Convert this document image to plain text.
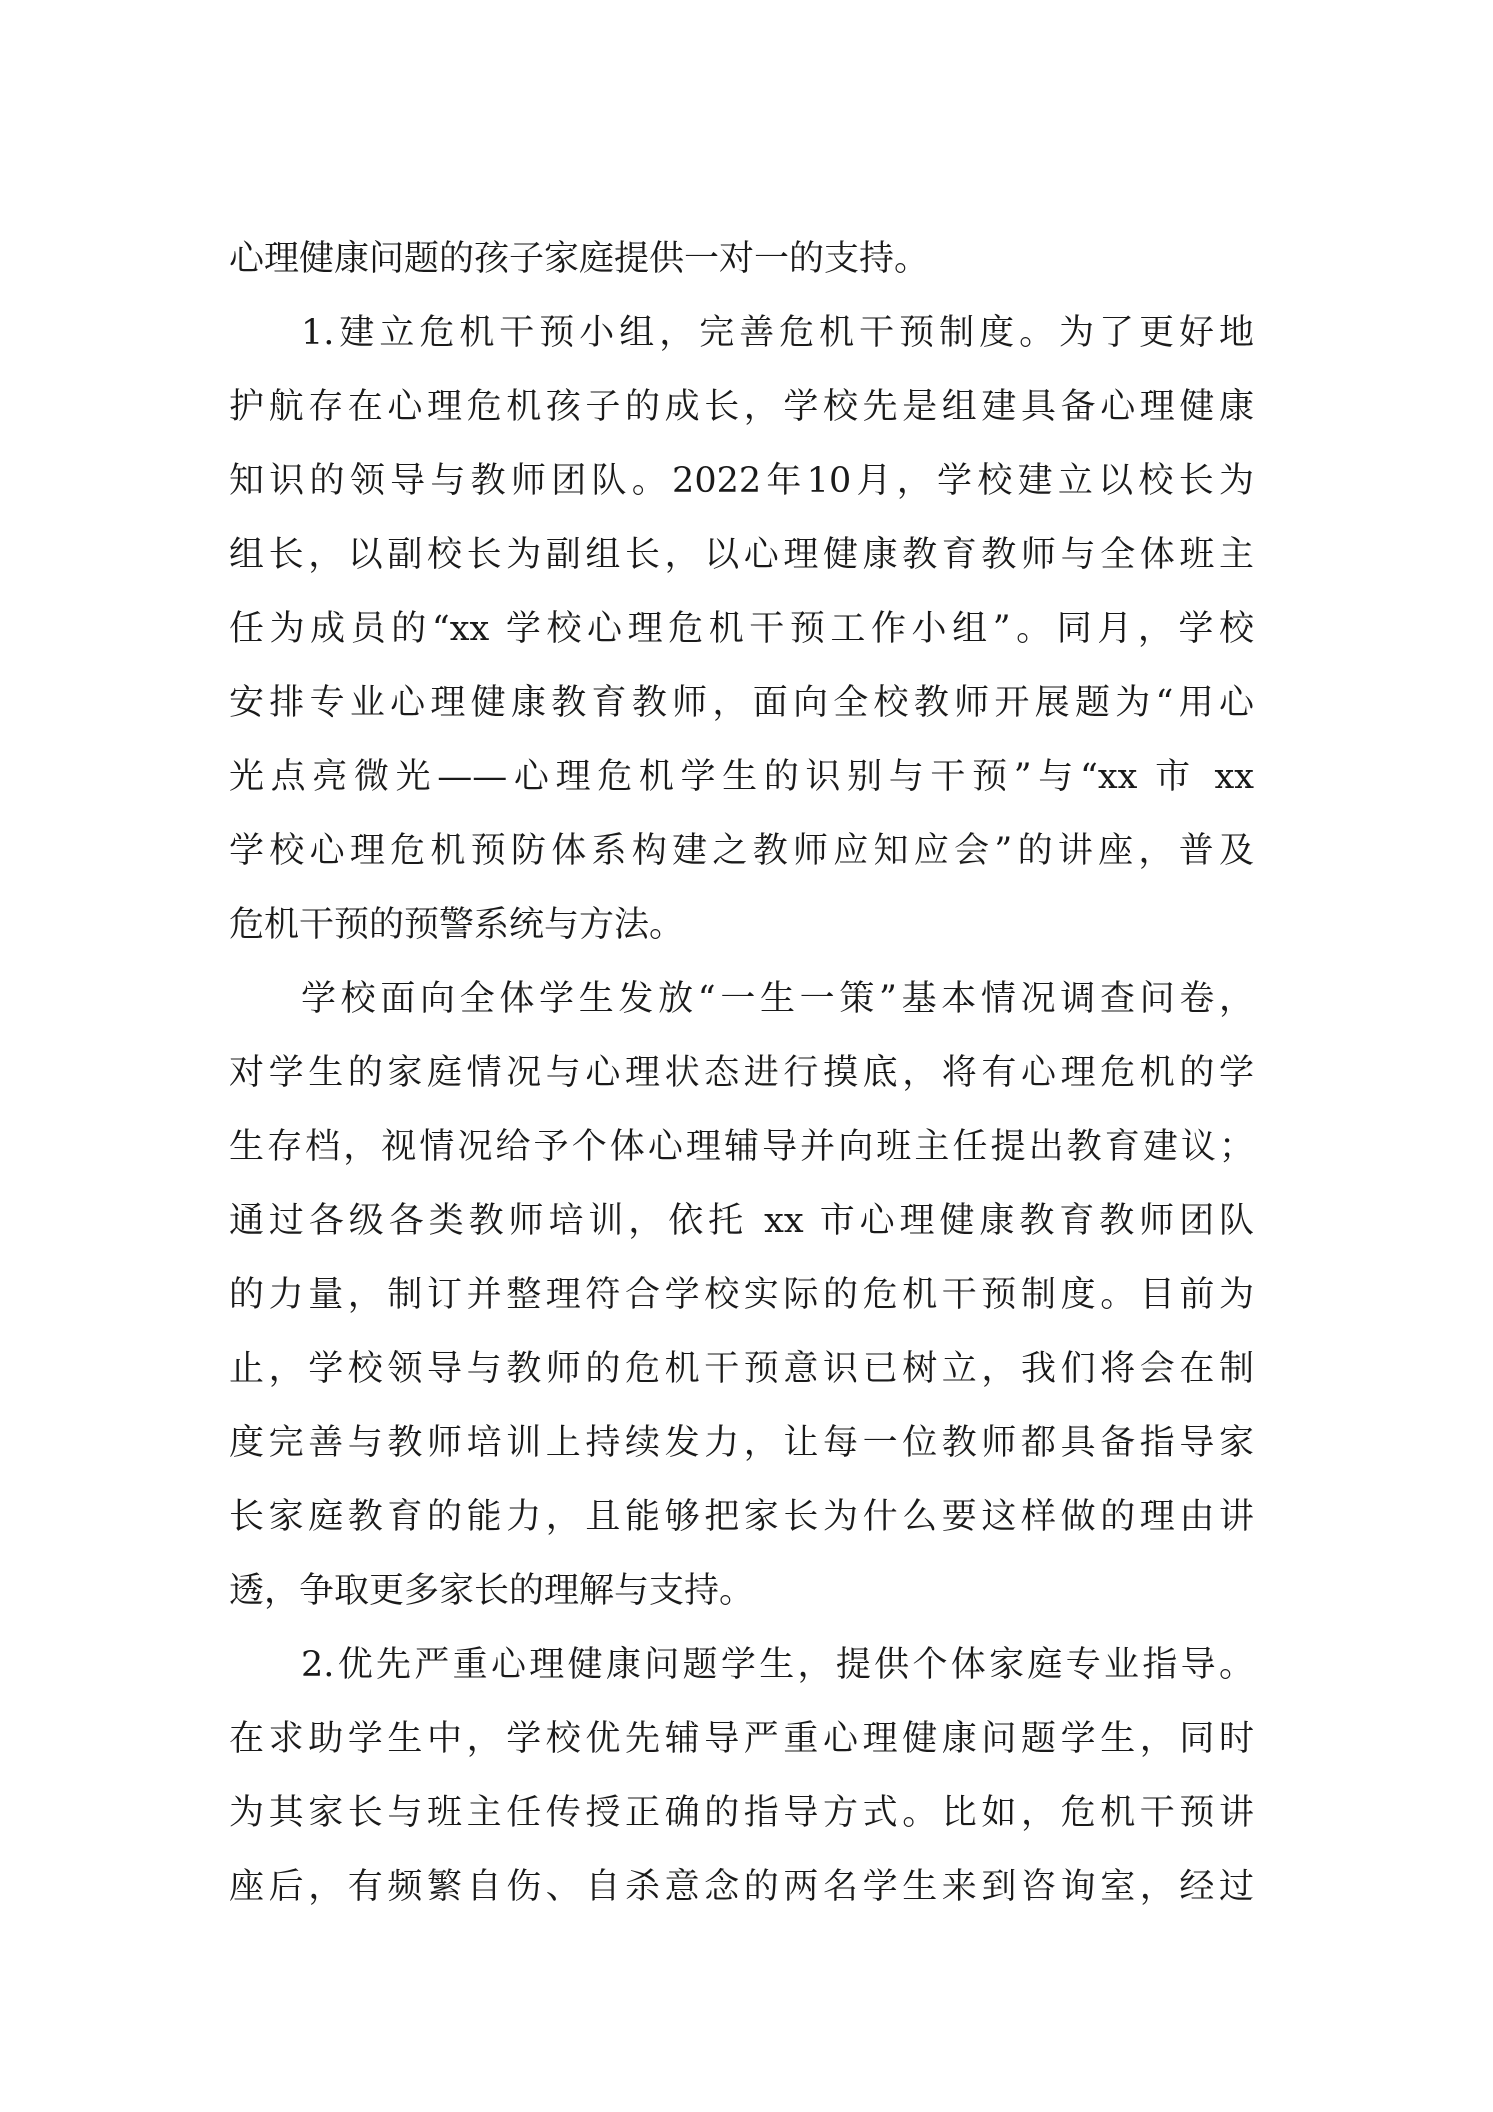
心理健康问题的孩子家庭提供一对一的支持。
1.建立危机干预小组，完善危机干预制度。为了更好地
护航存在心理危机孩子的成长，学校先是组建具备心理健康
知识的领导与教师团队。2022年10月，学校建立以校长为
组长，以副校长为副组长，以心理健康教育教师与全体班主
任为成员的“xx 学校心理危机干预工作小组”。同月，学校
安排专业心理健康教育教师，面向全校教师开展题为“用心
光点亮微光——心理危机学生的识别与干预”与“xx 市 xx
学校心理危机预防体系构建之教师应知应会”的讲座，普及
危机干预的预警系统与方法。
学校面向全体学生发放“一生一策”基本情况调查问卷，
对学生的家庭情况与心理状态进行摸底，将有心理危机的学
生存档，视情况给予个体心理辅导并向班主任提出教育建议；
通过各级各类教师培训，依托 xx 市心理健康教育教师团队
的力量，制订并整理符合学校实际的危机干预制度。目前为
止，学校领导与教师的危机干预意识已树立，我们将会在制
度完善与教师培训上持续发力，让每一位教师都具备指导家
长家庭教育的能力，且能够把家长为什么要这样做的理由讲
透，争取更多家长的理解与支持。
2.优先严重心理健康问题学生，提供个体家庭专业指导。
在求助学生中，学校优先辅导严重心理健康问题学生，同时
为其家长与班主任传授正确的指导方式。比如，危机干预讲
座后，有频繁自伤、自杀意念的两名学生来到咨询室，经过
